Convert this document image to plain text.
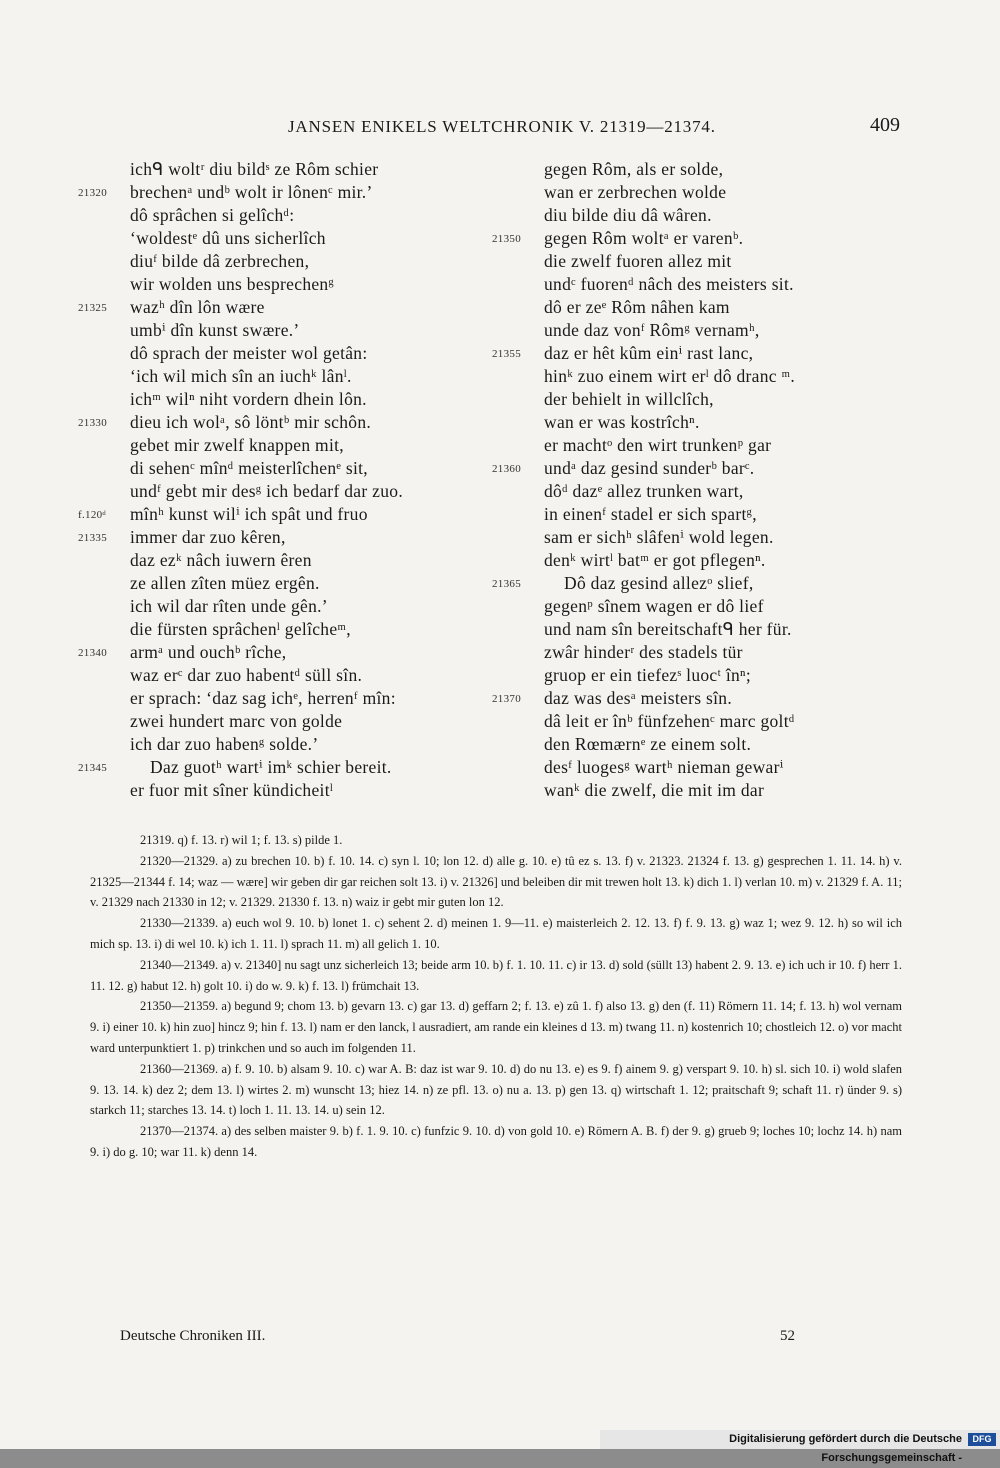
JANSEN ENIKELS WELTCHRONIK V. 21319—21374.	409
ichᑫ woltʳ diu bildˢ ze Rôm schier
21320	brechenᵃ undᵇ wolt ir lônenᶜ mir.’
dô sprâchen si gelîchᵈ:
‘woldestᵉ dû uns sicherlîch
diuᶠ bilde dâ zerbrechen,
wir wolden uns besprechenᵍ
21325	wazʰ dîn lôn wære
umbⁱ dîn kunst swære.’
dô sprach der meister wol getân:
‘ich wil mich sîn an iuchᵏ lânˡ.
ichᵐ wilⁿ niht vordern dhein lôn.
21330	dieu ich wolᵃ, sô löntᵇ mir schôn.
gebet mir zwelf knappen mit,
di sehenᶜ mînᵈ meisterlîchenᵉ sit,
undᶠ gebt mir desᵍ ich bedarf dar zuo.
f.120ᵈ	mînʰ kunst wilⁱ ich spât und fruo
21335	immer dar zuo kêren,
daz ezᵏ nâch iuwern êren
ze allen zîten müez ergên.
ich wil dar rîten unde gên.’
die fürsten sprâchenˡ gelîcheᵐ,
21340	armᵃ und ouchᵇ rîche,
waz erᶜ dar zuo habentᵈ süll sîn.
er sprach: ‘daz sag ichᵉ, herrenᶠ mîn:
zwei hundert marc von golde
ich dar zuo habenᵍ solde.’
21345	Daz guotʰ wartⁱ imᵏ schier bereit.
er fuor mit sîner kündicheitˡ
gegen Rôm, als er solde,
wan er zerbrechen wolde
diu bilde diu dâ wâren.
21350	gegen Rôm woltᵃ er varenᵇ.
die zwelf fuoren allez mit
undᶜ fuorenᵈ nâch des meisters sit.
dô er zeᵉ Rôm nâhen kam
unde daz vonᶠ Rômᵍ vernamʰ,
21355	daz er hêt kûm einⁱ rast lanc,
hinᵏ zuo einem wirt erˡ dô dranc ᵐ.
der behielt in willclîch,
wan er was kostrîchⁿ.
er machtᵒ den wirt trunkenᵖ gar
21360	undᵃ daz gesind sunderᵇ barᶜ.
dôᵈ dazᵉ allez trunken wart,
in einenᶠ stadel er sich spartᵍ,
sam er sichʰ slâfenⁱ wold legen.
denᵏ wirtˡ batᵐ er got pflegenⁿ.
21365	Dô daz gesind allezᵒ slief,
gegenᵖ sînem wagen er dô lief
und nam sîn bereitschaftᑫ her für.
zwâr hinderʳ des stadels tür
gruop er ein tiefezˢ luocᵗ înⁿ;
21370	daz was desᵃ meisters sîn.
dâ leit er înᵇ fünfzehenᶜ marc goltᵈ
den Rœmærnᵉ ze einem solt.
desᶠ luogesᵍ wartʰ nieman gewarⁱ
wanᵏ die zwelf, die mit im dar

21319. q) f. 13. r) wil 1; f. 13. s) pilde 1.

21320—21329. a) zu brechen 10. b) f. 10. 14. c) syn l. 10; lon 12. d) alle g. 10. e) tû ez s. 13. f) v. 21323. 21324 f. 13. g) gesprechen 1. 11. 14. h) v. 21325—21344 f. 14; waz — wære] wir geben dir gar reichen solt 13. i) v. 21326] und beleiben dir mit trewen holt 13. k) dich 1. l) verlan 10. m) v. 21329 f. A. 11; v. 21329 nach 21330 in 12; v. 21329. 21330 f. 13. n) waiz ir gebt mir guten lon 12.

21330—21339. a) euch wol 9. 10. b) lonet 1. c) sehent 2. d) meinen 1. 9—11. e) maisterleich 2. 12. 13. f) f. 9. 13. g) waz 1; wez 9. 12. h) so wil ich mich sp. 13. i) di wel 10. k) ich 1. 11. l) sprach 11. m) all gelich 1. 10.

21340—21349. a) v. 21340] nu sagt unz sicherleich 13; beide arm 10. b) f. 1. 10. 11. c) ir 13. d) sold (süllt 13) habent 2. 9. 13. e) ich uch ir 10. f) herr 1. 11. 12. g) habut 12. h) golt 10. i) do w. 9. k) f. 13. l) frümchait 13.

21350—21359. a) begund 9; chom 13. b) gevarn 13. c) gar 13. d) geffarn 2; f. 13. e) zû 1. f) also 13. g) den (f. 11) Römern 11. 14; f. 13. h) wol vernam 9. i) einer 10. k) hin zuo] hincz 9; hin f. 13. l) nam er den lanck, l ausradiert, am rande ein kleines d 13. m) twang 11. n) kostenrich 10; chostleich 12. o) vor macht ward unterpunktiert 1. p) trinkchen und so auch im folgenden 11.

21360—21369. a) f. 9. 10. b) alsam 9. 10. c) war A. B: daz ist war 9. 10. d) do nu 13. e) es 9. f) ainem 9. g) verspart 9. 10. h) sl. sich 10. i) wold slafen 9. 13. 14. k) dez 2; dem 13. l) wirtes 2. m) wunscht 13; hiez 14. n) ze pfl. 13. o) nu a. 13. p) gen 13. q) wirtschaft 1. 12; praitschaft 9; schaft 11. r) ünder 9. s) starkch 11; starches 13. 14. t) loch 1. 11. 13. 14. u) sein 12.

21370—21374. a) des selben maister 9. b) f. 1. 9. 10. c) funfzic 9. 10. d) von gold 10. e) Römern A. B. f) der 9. g) grueb 9; loches 10; lochz 14. h) nam 9. i) do g. 10; war 11. k) denn 14.

Deutsche Chroniken III.	52
Digitalisierung gefördert durch die Deutsche Forschungsgemeinschaft -
DFG
